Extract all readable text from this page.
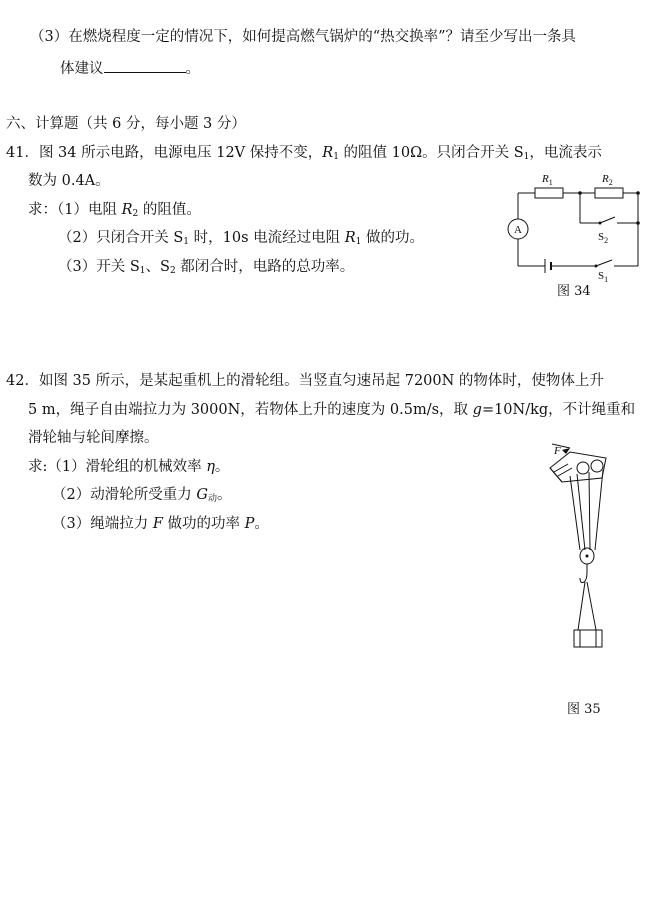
（3）在燃烧程度一定的情况下，如何提高燃气锅炉的“热交换率”？请至少写出一条具
体建议	。
六、计算题（共 6 分，每小题 3 分）
41．图 34 所示电路，电源电压 12V 保持不变，$R_1$ 的阻值 10Ω。只闭合开关 $S_1$，电流表示
数为 0.4A。
求：（1）电阻 $R_2$ 的阻值。
（2）只闭合开关 $S_1$ 时，10s 电流经过电阻 $R_1$ 做的功。
（3）开关 $S_1$、$S_2$ 都闭合时，电路的总功率。
$R_1$	$R_2$
A
$S_2$
$S_1$
图 34
42．如图 35 所示，是某起重机上的滑轮组。当竖直匀速吊起 7200N 的物体时，使物体上升
5 m，绳子自由端拉力为 3000N，若物体上升的速度为 0.5m/s，取 g=10N/kg，不计绳重和
滑轮轴与轮间摩擦。
求:（1）滑轮组的机械效率 η。
（2）动滑轮所受重力 $G_动$。
（3）绳端拉力 F 做功的功率 P。
F
图 35
